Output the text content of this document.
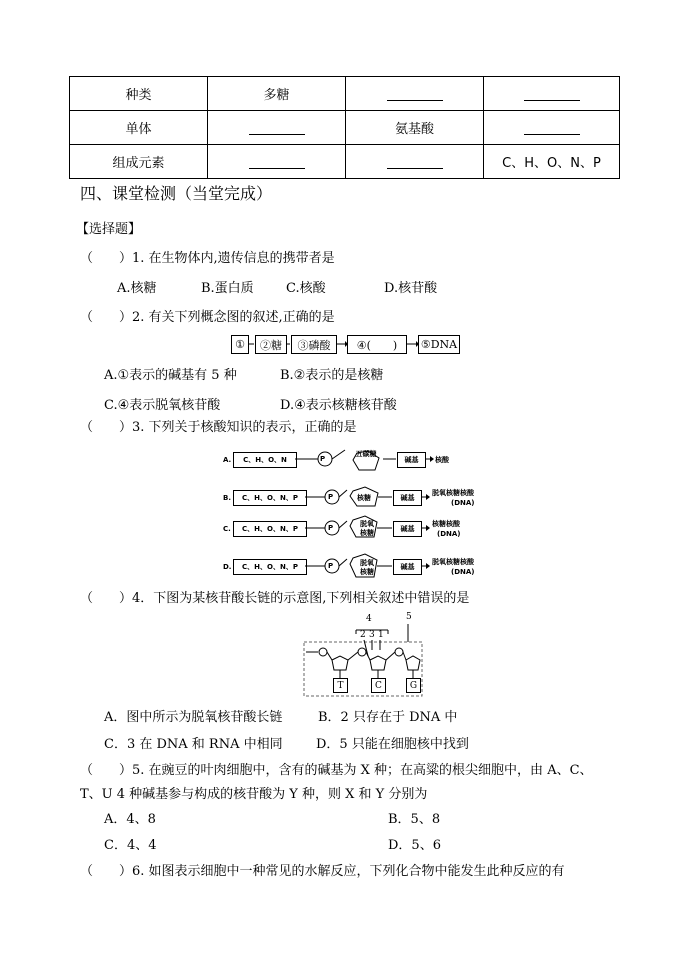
种类	多糖		
单体		氨基酸	
组成元素			C、H、O、N、P
四、课堂检测（当堂完成）
【选择题】
（　　）1. 在生物体内,遗传信息的携带者是
A.核糖	B.蛋白质 C.核酸	D.核苷酸
（　　）2. 有关下列概念图的叙述,正确的是
①	②糖	③磷酸	④(　　)	⑤DNA
A.①表示的碱基有 5 种	B.②表示的是核糖
C.④表示脱氧核苷酸	D.④表示核糖核苷酸
（　　）3. 下列关于核酸知识的表示，正确的是
A.	C、H、O、N	P
五碳糖
碱基	核酸
B.	C、H、O、N、P	P	核糖	碱基
脱氧核糖核酸
(DNA)
C.	C、H、O、N、P	P	脱氧核糖	碱基
核糖核酸
(DNA)
D.	C、H、O、N、P	P	脱氧核糖
碱基
脱氧核糖核酸
(DNA)
（　　）4．下图为某核苷酸长链的示意图,下列相关叙述中错误的是
4
2 3 1
5
T	C	G
A．图中所示为脱氧核苷酸长链	B．2 只存在于 DNA 中
C．3 在 DNA 和 RNA 中相同	D．5 只能在细胞核中找到
（　　）5. 在豌豆的叶肉细胞中，含有的碱基为 X 种；在高粱的根尖细胞中，由 A、C、
T、U 4 种碱基参与构成的核苷酸为 Y 种，则 X 和 Y 分别为
A．4、8	B．5、8
C．4、4	D．5、6
（　　）6. 如图表示细胞中一种常见的水解反应，下列化合物中能发生此种反应的有
